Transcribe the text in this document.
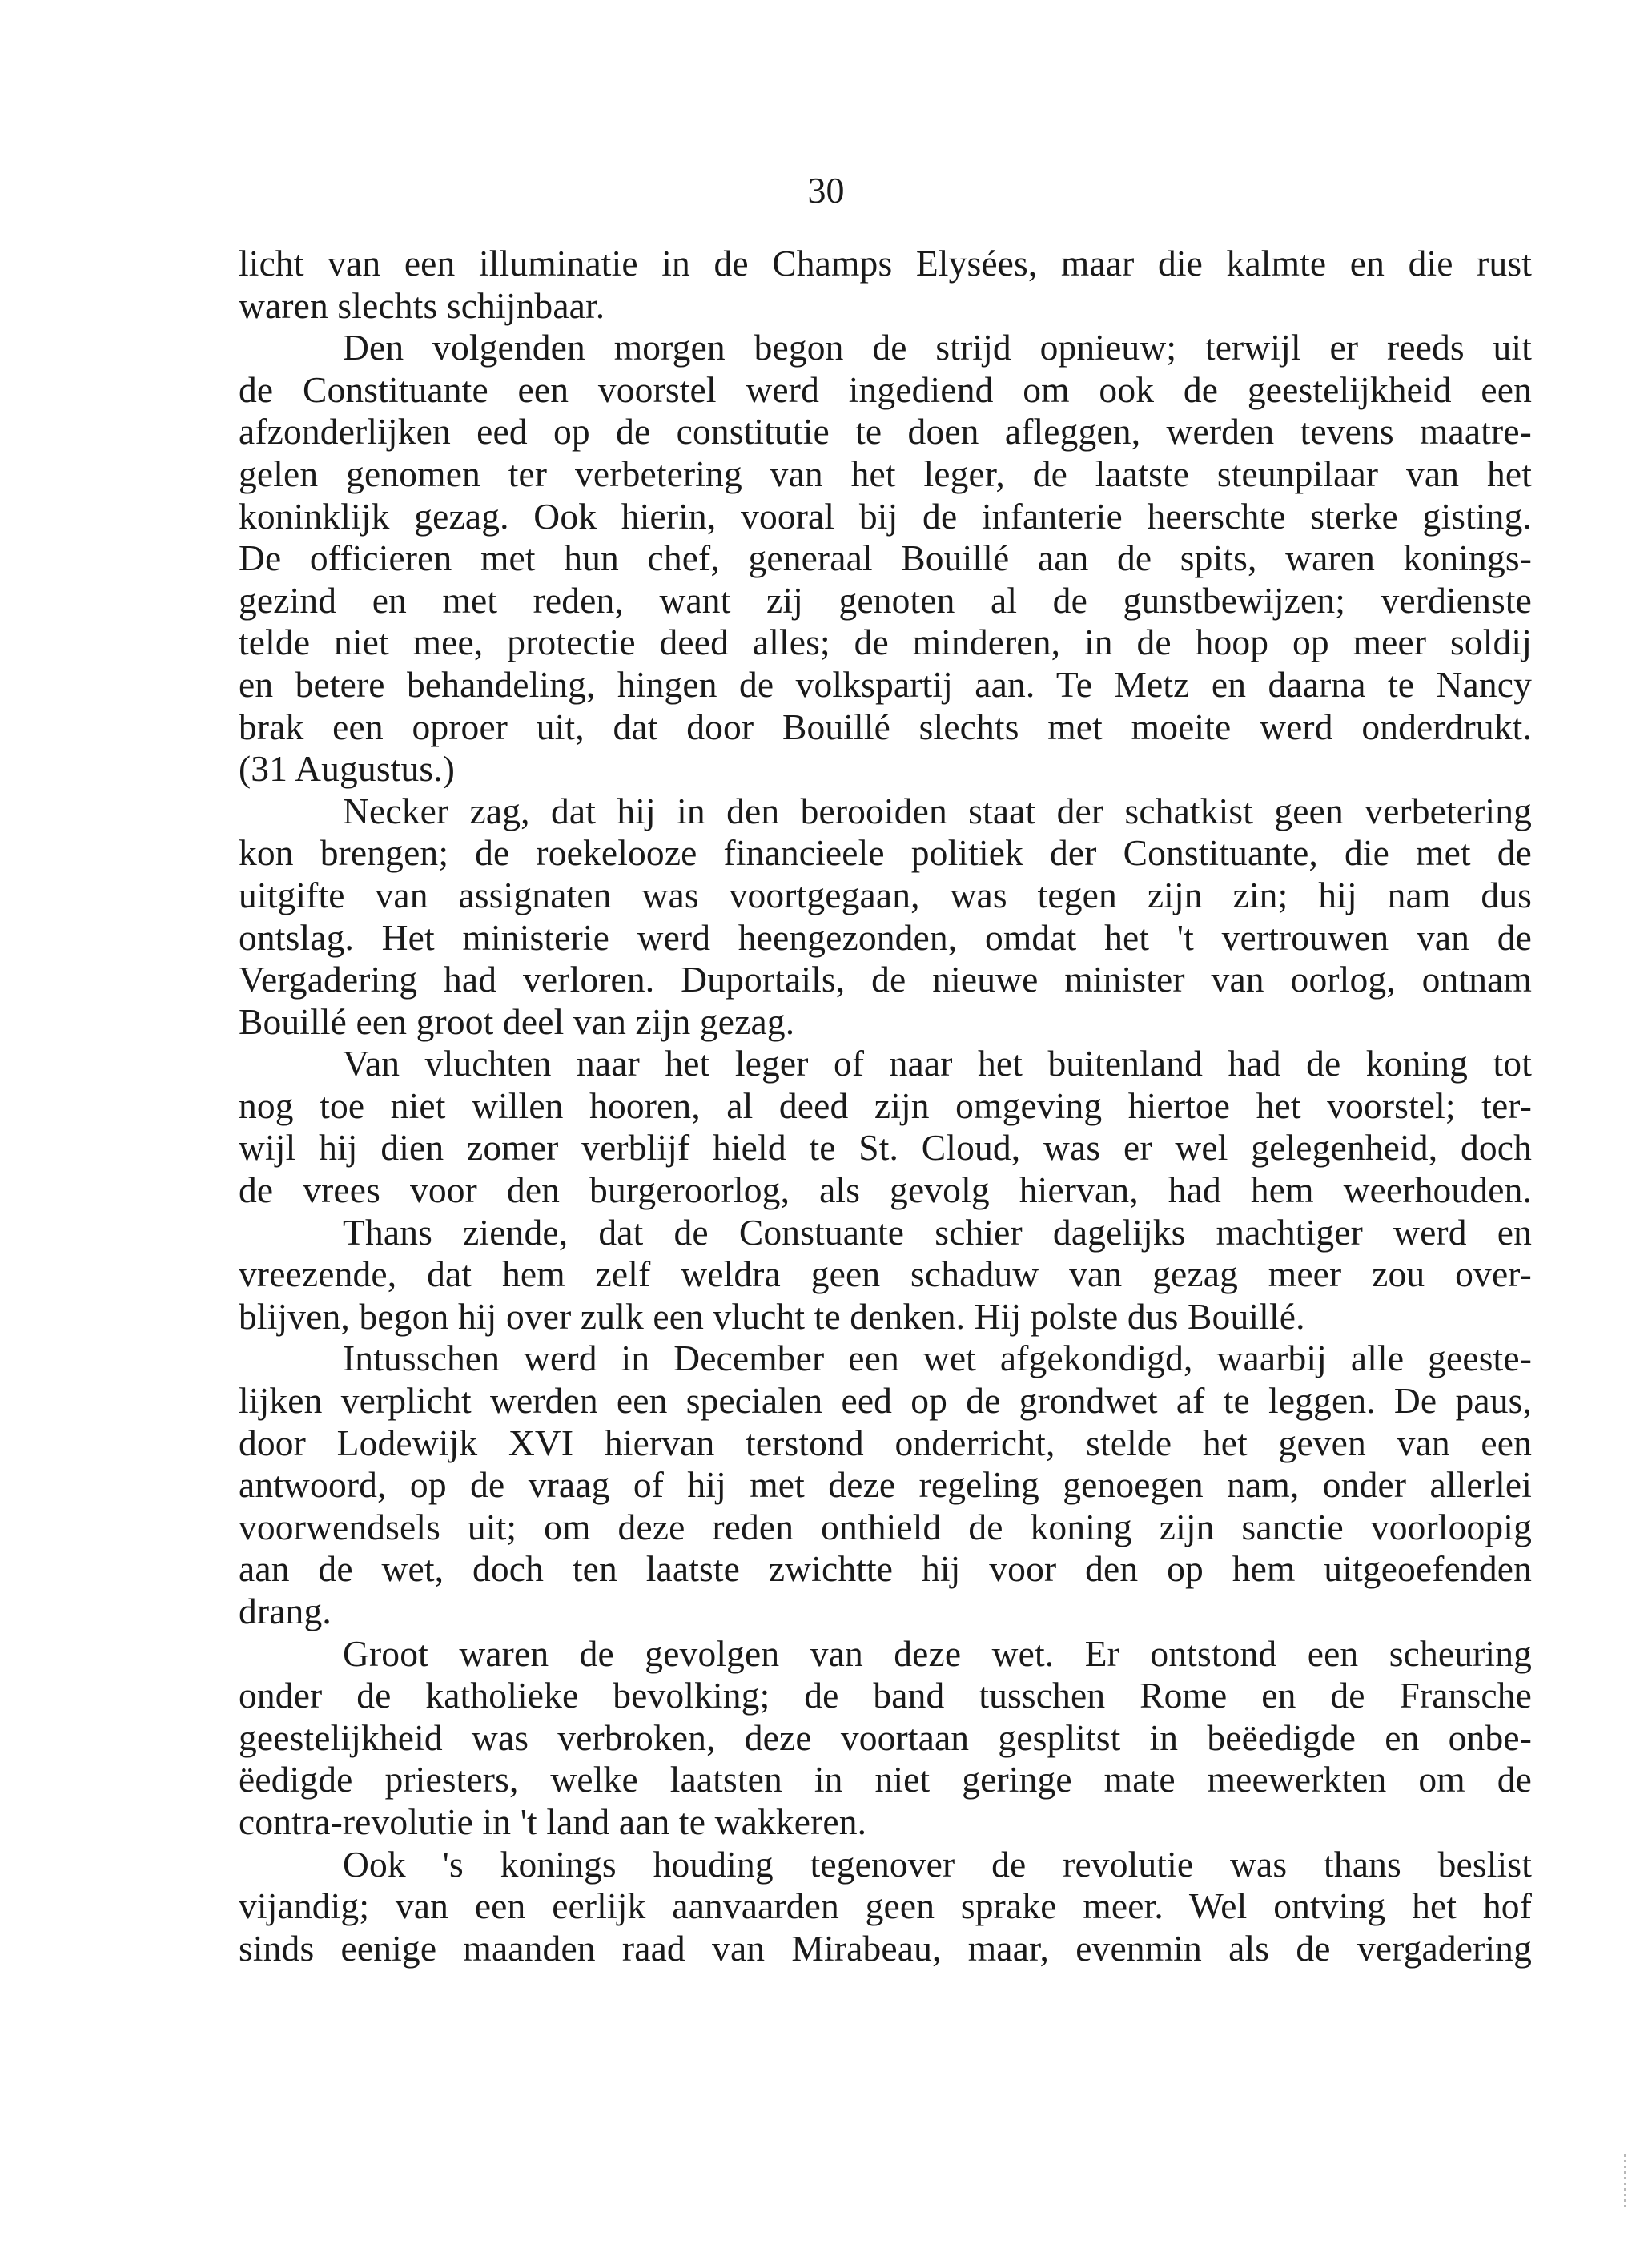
30
licht van een illuminatie in de Champs Elysées, maar die kalmte en die rust
waren slechts schijnbaar.
Den volgenden morgen begon de strijd opnieuw; terwijl er reeds uit
de Constituante een voorstel werd ingediend om ook de geestelijkheid een
afzonderlijken eed op de constitutie te doen afleggen, werden tevens maatre-
gelen genomen ter verbetering van het leger, de laatste steunpilaar van het
koninklijk gezag. Ook hierin, vooral bij de infanterie heerschte sterke gisting.
De officieren met hun chef, generaal Bouillé aan de spits, waren konings-
gezind en met reden, want zij genoten al de gunstbewijzen; verdienste
telde niet mee, protectie deed alles; de minderen, in de hoop op meer soldij
en betere behandeling, hingen de volkspartij aan. Te Metz en daarna te Nancy
brak een oproer uit, dat door Bouillé slechts met moeite werd onderdrukt.
(31 Augustus.)
Necker zag, dat hij in den berooiden staat der schatkist geen verbetering
kon brengen; de roekelooze financieele politiek der Constituante, die met de
uitgifte van assignaten was voortgegaan, was tegen zijn zin; hij nam dus
ontslag. Het ministerie werd heengezonden, omdat het 't vertrouwen van de
Vergadering had verloren. Duportails, de nieuwe minister van oorlog, ontnam
Bouillé een groot deel van zijn gezag.
Van vluchten naar het leger of naar het buitenland had de koning tot
nog toe niet willen hooren, al deed zijn omgeving hiertoe het voorstel; ter-
wijl hij dien zomer verblijf hield te St. Cloud, was er wel gelegenheid, doch
de vrees voor den burgeroorlog, als gevolg hiervan, had hem weerhouden.
Thans ziende, dat de Constuante schier dagelijks machtiger werd en
vreezende, dat hem zelf weldra geen schaduw van gezag meer zou over-
blijven, begon hij over zulk een vlucht te denken. Hij polste dus Bouillé.
Intusschen werd in December een wet afgekondigd, waarbij alle geeste-
lijken verplicht werden een specialen eed op de grondwet af te leggen. De paus,
door Lodewijk XVI hiervan terstond onderricht, stelde het geven van een
antwoord, op de vraag of hij met deze regeling genoegen nam, onder allerlei
voorwendsels uit; om deze reden onthield de koning zijn sanctie voorloopig
aan de wet, doch ten laatste zwichtte hij voor den op hem uitgeoefenden
drang.
Groot waren de gevolgen van deze wet. Er ontstond een scheuring
onder de katholieke bevolking; de band tusschen Rome en de Fransche
geestelijkheid was verbroken, deze voortaan gesplitst in beëedigde en onbe-
ëedigde priesters, welke laatsten in niet geringe mate meewerkten om de
contra-revolutie in 't land aan te wakkeren.
Ook 's konings houding tegenover de revolutie was thans beslist
vijandig; van een eerlijk aanvaarden geen sprake meer. Wel ontving het hof
sinds eenige maanden raad van Mirabeau, maar, evenmin als de vergadering
